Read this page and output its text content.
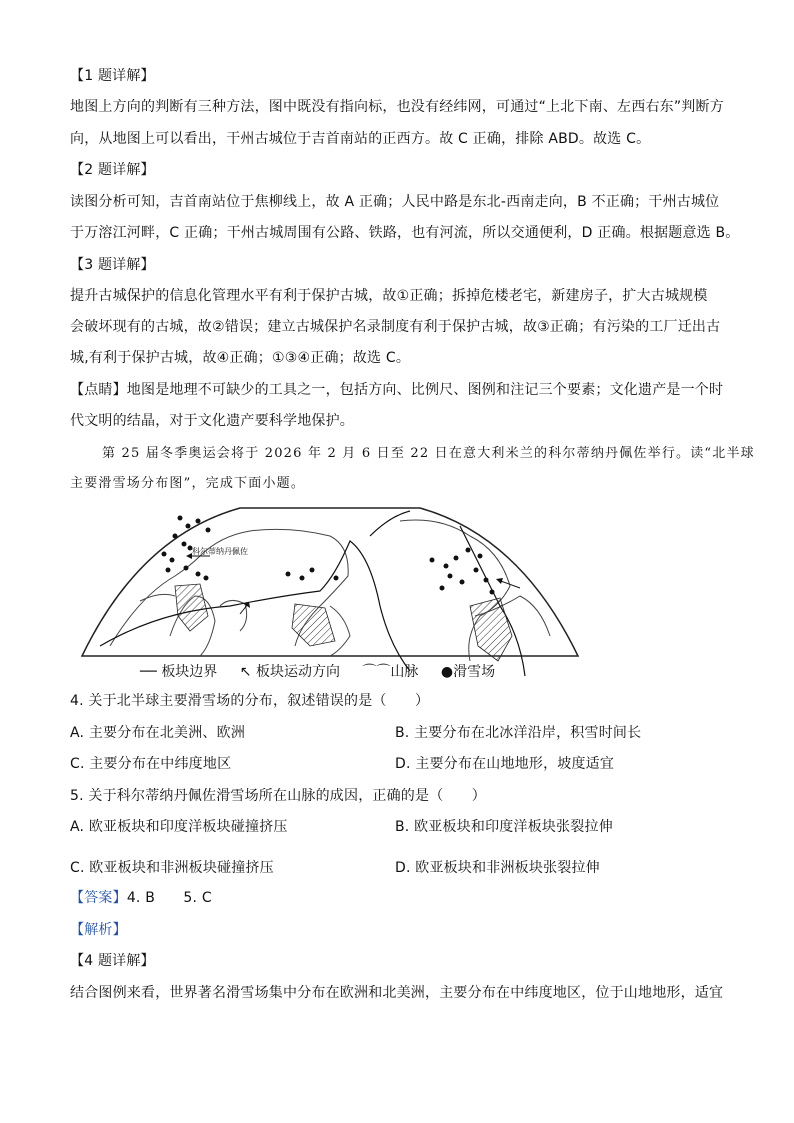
【1 题详解】
地图上方向的判断有三种方法，图中既没有指向标，也没有经纬网，可通过“上北下南、左西右东”判断方
向，从地图上可以看出，干州古城位于吉首南站的正西方。故 C 正确，排除 ABD。故选 C。
【2 题详解】
读图分析可知，吉首南站位于焦柳线上，故 A 正确；人民中路是东北-西南走向，B 不正确；干州古城位
于万溶江河畔，C 正确；干州古城周围有公路、铁路，也有河流，所以交通便利，D 正确。根据题意选 B。
【3 题详解】
提升古城保护的信息化管理水平有利于保护古城，故①正确；拆掉危楼老宅，新建房子，扩大古城规模
会破坏现有的古城，故②错误；建立古城保护名录制度有利于保护古城，故③正确；有污染的工厂迁出古
城,有利于保护古城，故④正确；①③④正确；故选 C。
【点睛】地图是地理不可缺少的工具之一，包括方向、比例尺、图例和注记三个要素；文化遗产是一个时
代文明的结晶，对于文化遗产要科学地保护。
第 25 届冬季奥运会将于 2026 年 2 月 6 日至 22 日在意大利米兰的科尔蒂纳丹佩佐举行。读“北半球
主要滑雪场分布图”，完成下面小题。
科尔蒂纳丹佩佐
── 板块边界 ↖ 板块运动方向 ⌒⌒山脉 ●滑雪场
4. 关于北半球主要滑雪场的分布，叙述错误的是（　　）
A. 主要分布在北美洲、欧洲	B. 主要分布在北冰洋沿岸，积雪时间长
C. 主要分布在中纬度地区	D. 主要分布在山地地形，坡度适宜
5. 关于科尔蒂纳丹佩佐滑雪场所在山脉的成因，正确的是（　　）
A. 欧亚板块和印度洋板块碰撞挤压	B. 欧亚板块和印度洋板块张裂拉伸
C. 欧亚板块和非洲板块碰撞挤压	D. 欧亚板块和非洲板块张裂拉伸
【答案】4. B　　5. C
【解析】
【4 题详解】
结合图例来看，世界著名滑雪场集中分布在欧洲和北美洲，主要分布在中纬度地区，位于山地地形，适宜
